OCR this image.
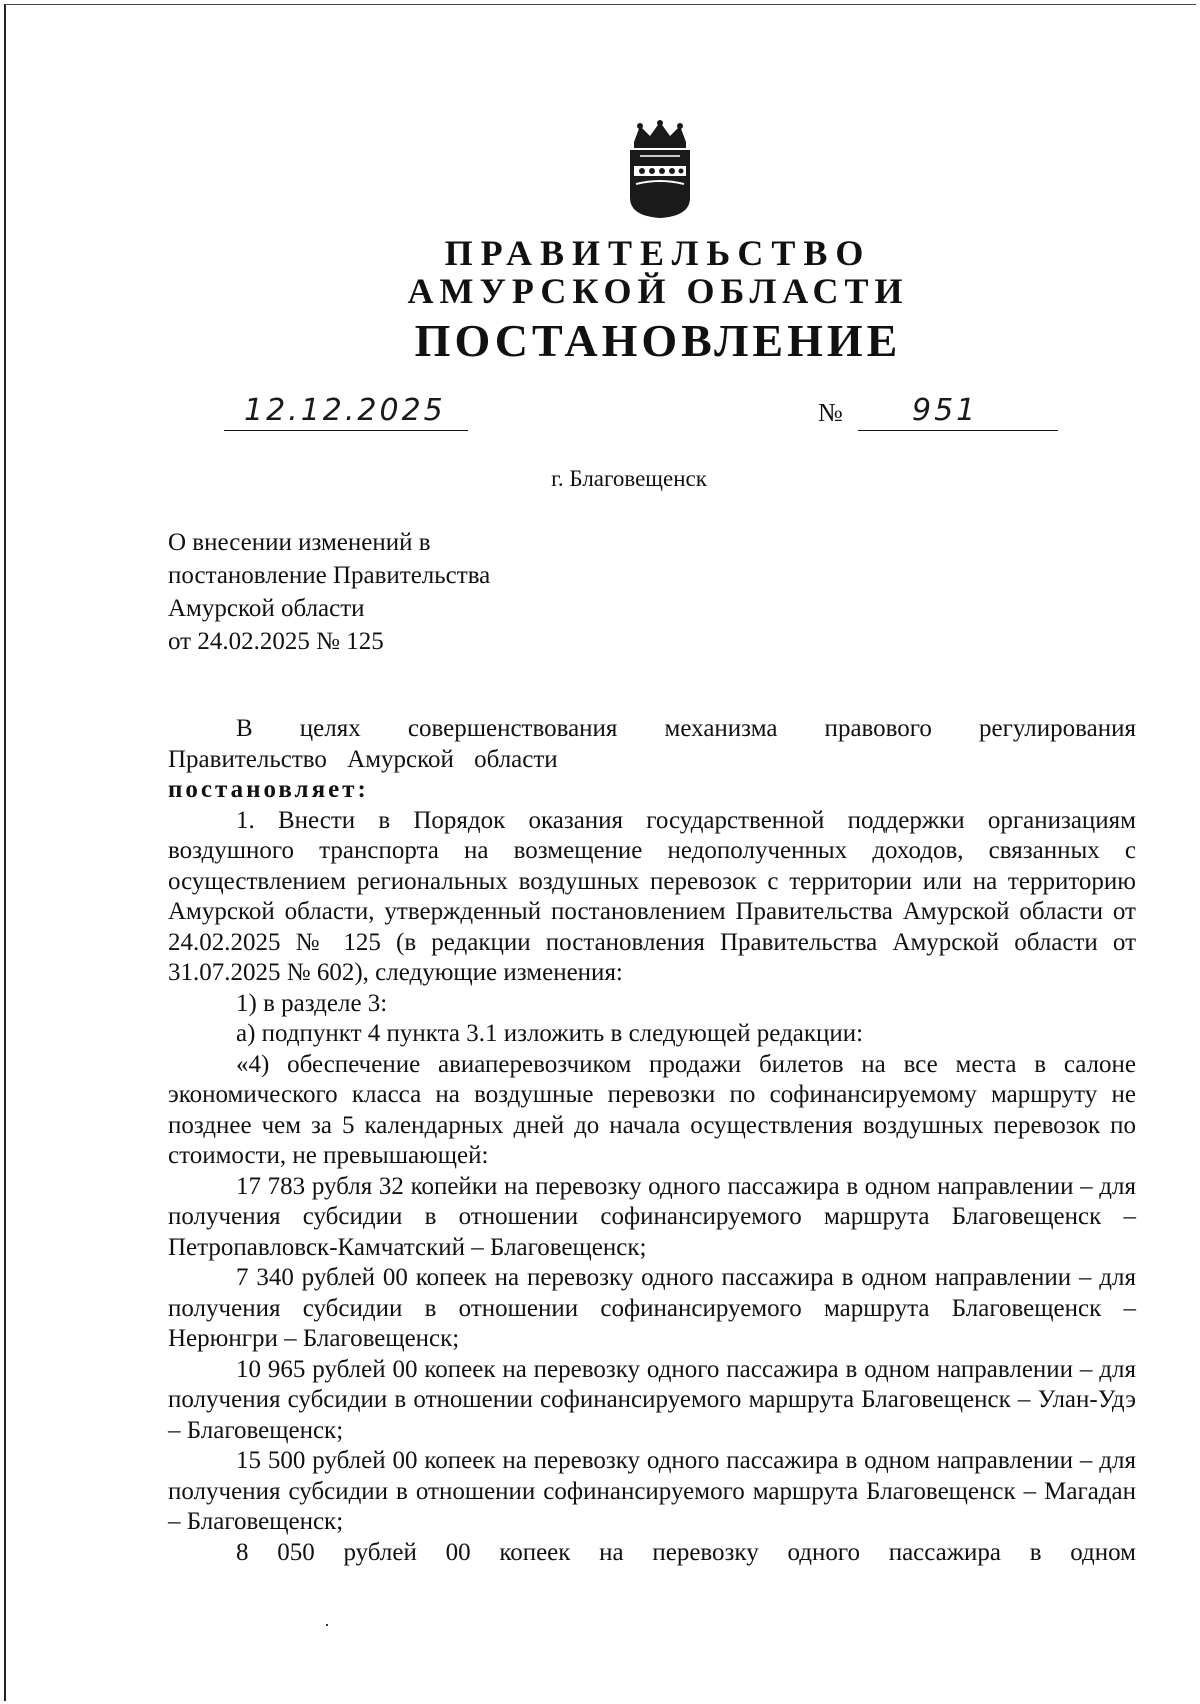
ПРАВИТЕЛЬСТВО
АМУРСКОЙ ОБЛАСТИ
ПОСТАНОВЛЕНИЕ
12.12.2025	№ 951
г. Благовещенск
О внесении изменений в
постановление Правительства
Амурской области
от 24.02.2025 № 125

В целях совершенствования механизма правового регулирования Правительство Амурской области

постановляет:

1. Внести в Порядок оказания государственной поддержки организациям воздушного транспорта на возмещение недополученных доходов, связанных с осуществлением региональных воздушных перевозок с территории или на территорию Амурской области, утвержденный постановлением Правительства Амурской области от 24.02.2025 № 125 (в редакции постановления Правительства Амурской области от 31.07.2025 № 602), следующие изменения:

1) в разделе 3:

а) подпункт 4 пункта 3.1 изложить в следующей редакции:

«4) обеспечение авиаперевозчиком продажи билетов на все места в салоне экономического класса на воздушные перевозки по софинансируемому маршруту не позднее чем за 5 календарных дней до начала осуществления воздушных перевозок по стоимости, не превышающей:

17 783 рубля 32 копейки на перевозку одного пассажира в одном направлении – для получения субсидии в отношении софинансируемого маршрута Благовещенск – Петропавловск-Камчатский – Благовещенск;

7 340 рублей 00 копеек на перевозку одного пассажира в одном направлении – для получения субсидии в отношении софинансируемого маршрута Благовещенск – Нерюнгри – Благовещенск;

10 965 рублей 00 копеек на перевозку одного пассажира в одном направлении – для получения субсидии в отношении софинансируемого маршрута Благовещенск – Улан-Удэ – Благовещенск;

15 500 рублей 00 копеек на перевозку одного пассажира в одном направлении – для получения субсидии в отношении софинансируемого маршрута Благовещенск – Магадан – Благовещенск;

8 050 рублей 00 копеек на перевозку одного пассажира в одном
